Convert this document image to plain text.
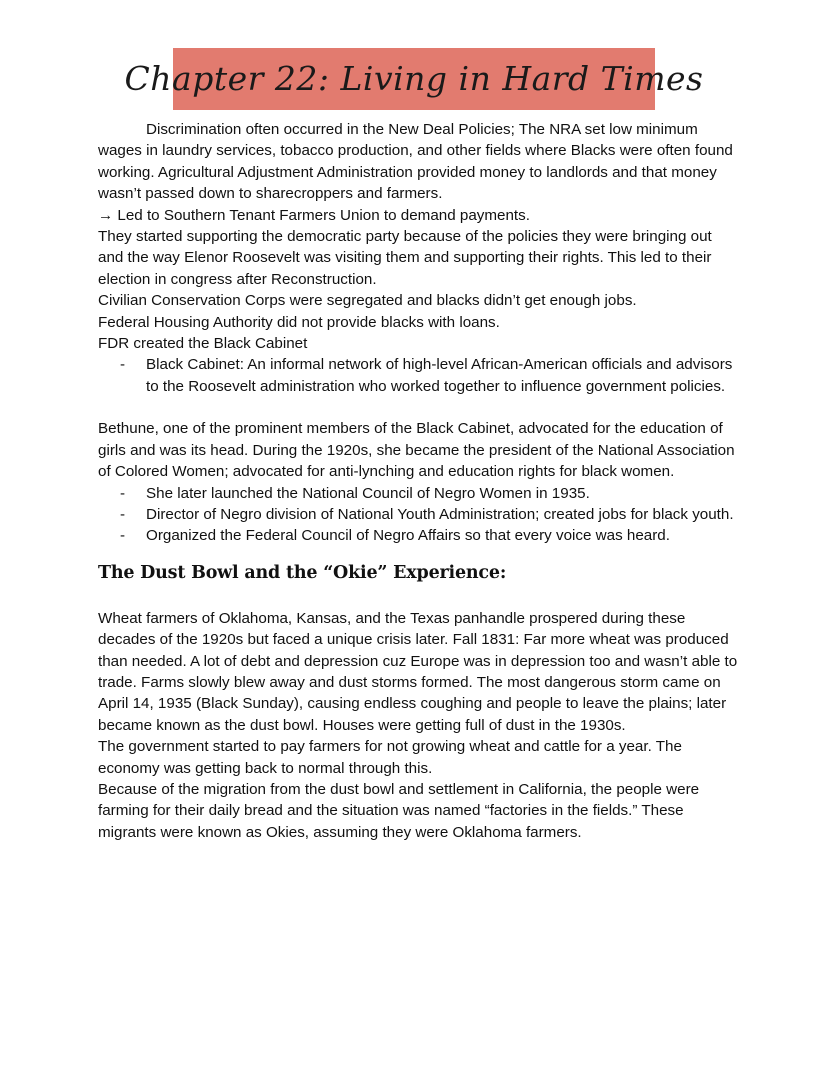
Chapter 22: Living in Hard Times

Discrimination often occurred in the New Deal Policies; The NRA set low minimum wages in laundry services, tobacco production, and other fields where Blacks were often found working. Agricultural Adjustment Administration provided money to landlords and that money wasn’t passed down to sharecroppers and farmers.

→ Led to Southern Tenant Farmers Union to demand payments.

They started supporting the democratic party because of the policies they were bringing out and the way Elenor Roosevelt was visiting them and supporting their rights. This led to their election in congress after Reconstruction.

Civilian Conservation Corps were segregated and blacks didn’t get enough jobs.

Federal Housing Authority did not provide blacks with loans.

FDR created the Black Cabinet

- Black Cabinet: An informal network of high-level African-American officials and advisors to the Roosevelt administration who worked together to influence government policies.

Bethune, one of the prominent members of the Black Cabinet, advocated for the education of girls and was its head. During the 1920s, she became the president of the National Association of Colored Women; advocated for anti-lynching and education rights for black women.

- She later launched the National Council of Negro Women in 1935.
- Director of Negro division of National Youth Administration; created jobs for black youth.
- Organized the Federal Council of Negro Affairs so that every voice was heard.
The Dust Bowl and the “Okie” Experience:

Wheat farmers of Oklahoma, Kansas, and the Texas panhandle prospered during these decades of the 1920s but faced a unique crisis later. Fall 1831: Far more wheat was produced than needed. A lot of debt and depression cuz Europe was in depression too and wasn’t able to trade. Farms slowly blew away and dust storms formed. The most dangerous storm came on April 14, 1935 (Black Sunday), causing endless coughing and people to leave the plains; later became known as the dust bowl. Houses were getting full of dust in the 1930s.

The government started to pay farmers for not growing wheat and cattle for a year. The economy was getting back to normal through this.

Because of the migration from the dust bowl and settlement in California, the people were farming for their daily bread and the situation was named “factories in the fields.” These migrants were known as Okies, assuming they were Oklahoma farmers.
